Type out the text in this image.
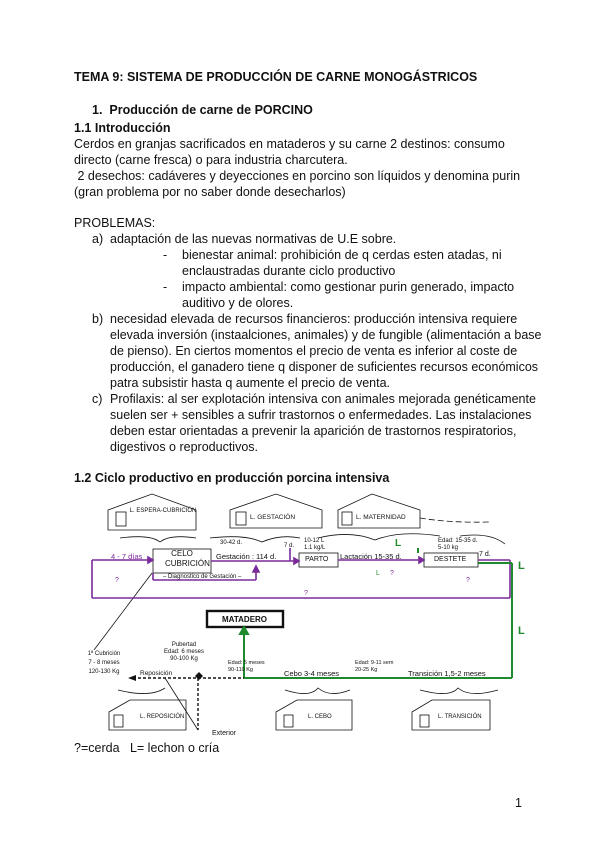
TEMA 9: SISTEMA DE PRODUCCIÓN DE CARNE MONOGÁSTRICOS
1. Producción de carne de PORCINO
1.1 Introducción
Cerdos en granjas sacrificados en mataderos y su carne 2 destinos: consumo
directo (carne fresca) o para industria charcutera.
2 desechos: cadáveres y deyecciones en porcino son líquidos y denomina purin
(gran problema por no saber donde desecharlos)
PROBLEMAS:
a) adaptación de las nuevas normativas de U.E sobre.
- bienestar animal: prohibición de q cerdas esten atadas, ni
enclaustradas durante ciclo productivo
- impacto ambiental: como gestionar purin generado, impacto
auditivo y de olores.
b) necesidad elevada de recursos financieros: producción intensiva requiere
elevada inversión (instaalciones, animales) y de fungible (alimentación a base
de pienso). En ciertos momentos el precio de venta es inferior al coste de
producción, el ganadero tiene q disponer de suficientes recursos económicos
patra subsistir hasta q aumente el precio de venta.
c) Profilaxis: al ser explotación intensiva con animales mejorada genéticamente
suelen ser + sensibles a sufrir trastornos o enfermedades. Las instalaciones
deben estar orientadas a prevenir la aparición de trastornos respiratorios,
digestivos o reproductivos.
1.2 Ciclo productivo en producción porcina intensiva
L. ESPERA-CUBRICIÓN
L. GESTACIÓN	L. MATERNIDAD
CELO
CUBRICIÓN	PARTO	DESTETE
MATADERO
4 - 7 días
30-42 d.
Gestación : 114 d.
– Diagnostico de Gestación –
7 d.
10-12 L
1.1 kg/L
Lactación 15-35 d.
Edad: 15-35 d.
5-10 kg
7 d.
1ª Cubrición
7 - 8 meses
120-130 Kg
Pubertad
Edad: 6 meses
90-100 Kg
Reposición
Edad: 5 meses
90-110 Kg	Cebo 3-4 meses
Edad: 9-11 sem
20-25 Kg	Transición 1,5-2 meses
L. REPOSICIÓN	L. CEBO	L. TRANSICIÓN
Exterior
?
?
?
?
L
L
L
L
?=cerda   L= lechon o cría
1
